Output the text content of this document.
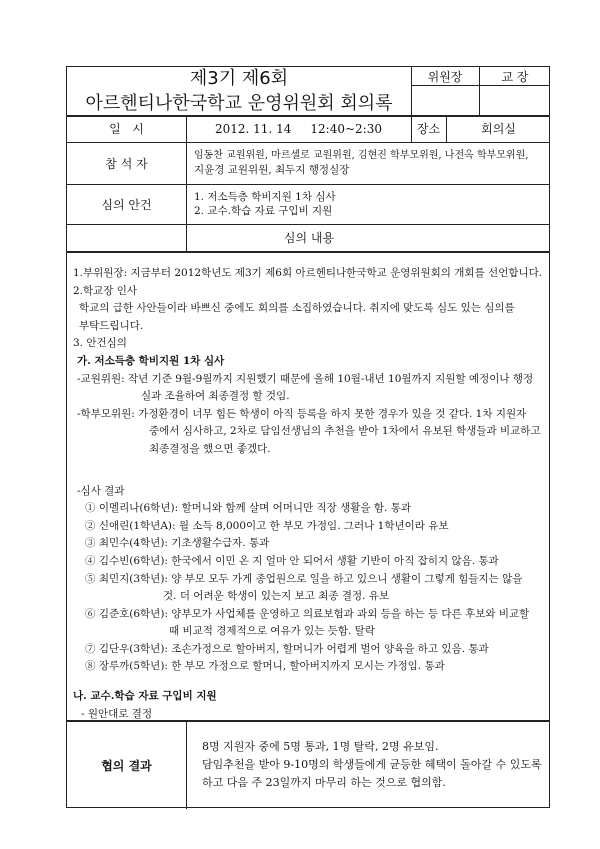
제3기 제6회
아르헨티나한국학교 운영위원회 회의록
위원장	교 장
일   시	2012. 11. 14     12:40~2:30	장소	회의실
참 석 자
임동찬 교원위원, 마르셀로 교원위원, 김현진 학부모위원, 나전옥 학부모위원,
지윤경 교원위원, 최두지 행정실장
심의 안건
1. 저소득층 학비지원 1차 심사
2. 교수.학습 자료 구입비 지원
심의 내용
1.부위원장: 지금부터 2012학년도 제3기 제6회 아르헨티나한국학교 운영위원회의 개회를 선언합니다.
2.학교장 인사
학교의 급한 사안들이라 바쁘신 중에도 회의를 소집하였습니다. 취지에 맞도록 심도 있는 심의를
부탁드립니다.
3. 안건심의
가. 저소득층 학비지원 1차 심사
-교원위원: 작년 기준 9월-9월까지 지원했기 때문에 올해 10월-내년 10월까지 지원할 예정이나 행정
실과 조율하여 최종결정 할 것임.
-학부모위원: 가정환경이 너무 힘든 학생이 아직 등록을 하지 못한 경우가 있을 것 같다. 1차 지원자
중에서 심사하고, 2차로 담임선생님의 추천을 받아 1차에서 유보된 학생들과 비교하고
최종결정을 했으면 좋겠다.
-심사 결과
① 이멜리나(6학년): 할머니와 함께 살며 어머니만 직장 생활을 함. 통과
② 신애린(1학년A): 월 소득 8,000이고 한 부모 가정임. 그러나 1학년이라 유보
③ 최민수(4학년): 기초생활수급자. 통과
④ 김수빈(6학년): 한국에서 이민 온 지 얼마 안 되어서 생활 기반이 아직 잡히지 않음. 통과
⑤ 최민지(3학년): 양 부모 모두 가게 종업원으로 일을 하고 있으니 생활이 그렇게 힘들지는 않을
것. 더 어려운 학생이 있는지 보고 최종 결정. 유보
⑥ 김준호(6학년): 양부모가 사업체를 운영하고 의료보험과 과외 등을 하는 등 다른 후보와 비교할
때 비교적 경제적으로 여유가 있는 듯함. 탈락
⑦ 김단우(3학년): 조손가정으로 할아버지, 할머니가 어렵게 벌어 양육을 하고 있음. 통과
⑧ 장루까(5학년): 한 부모 가정으로 할머니, 할아버지까지 모시는 가정임. 통과
나. 교수.학습 자료 구입비 지원
- 원안대로 결정
협의 결과
8명 지원자 중에 5명 통과, 1명 탈락, 2명 유보임.
담임추천을 받아 9-10명의 학생들에게 균등한 혜택이 돌아갈 수 있도록
하고 다음 주 23일까지 마무리 하는 것으로 협의함.
